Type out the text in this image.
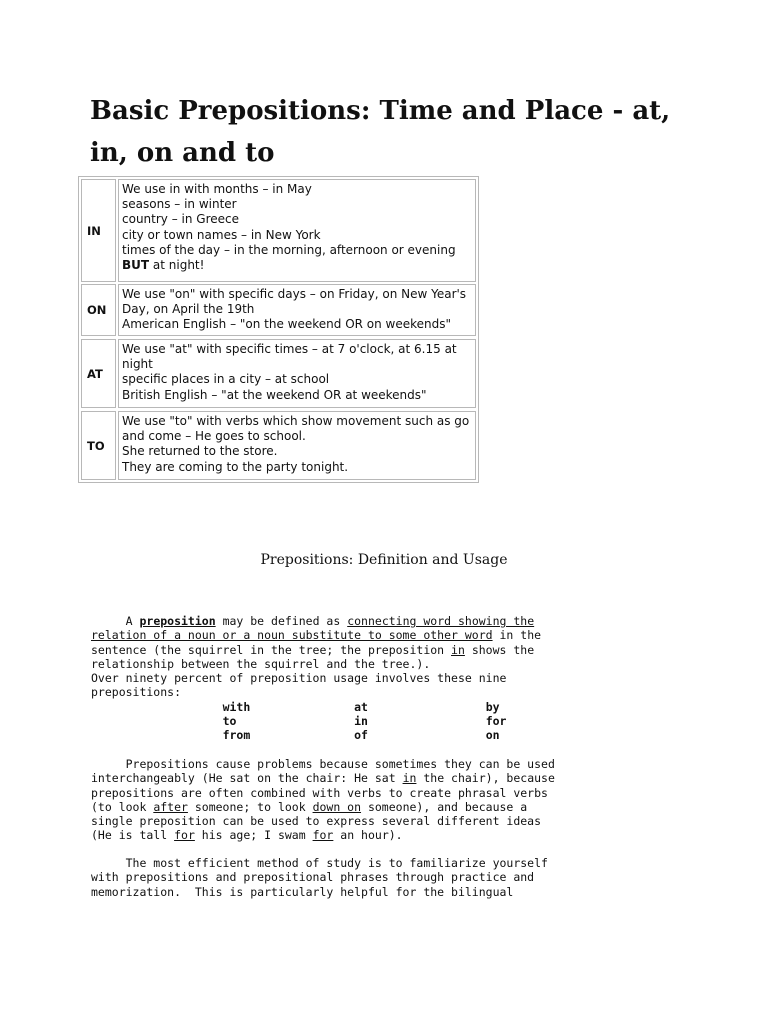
Basic Prepositions: Time and Place - at, in, on and to
IN
We use in with months – in May
seasons – in winter
country – in Greece
city or town names – in New York
times of the day – in the morning, afternoon or evening
BUT at night!
ON
We use "on" with specific days – on Friday, on New Year's Day, on April the 19th
American English – "on the weekend OR on weekends"
AT
We use "at" with specific times – at 7 o'clock, at 6.15 at night
specific places in a city – at school
British English – "at the weekend OR at weekends"
TO
We use "to" with verbs which show movement such as go and come – He goes to school.
She returned to the store.
They are coming to the party tonight.
Prepositions: Definition and Usage
A preposition may be defined as connecting word showing the
relation of a noun or a noun substitute to some other word in the
sentence (the squirrel in the tree; the preposition in shows the
relationship between the squirrel and the tree.).
Over ninety percent of preposition usage involves these nine
prepositions:
with	at	by
to	in	for
from	of	on
Prepositions cause problems because sometimes they can be used
interchangeably (He sat on the chair: He sat in the chair), because
prepositions are often combined with verbs to create phrasal verbs
(to look after someone; to look down on someone), and because a
single preposition can be used to express several different ideas
(He is tall for his age; I swam for an hour).
The most efficient method of study is to familiarize yourself
with prepositions and prepositional phrases through practice and
memorization.  This is particularly helpful for the bilingual
